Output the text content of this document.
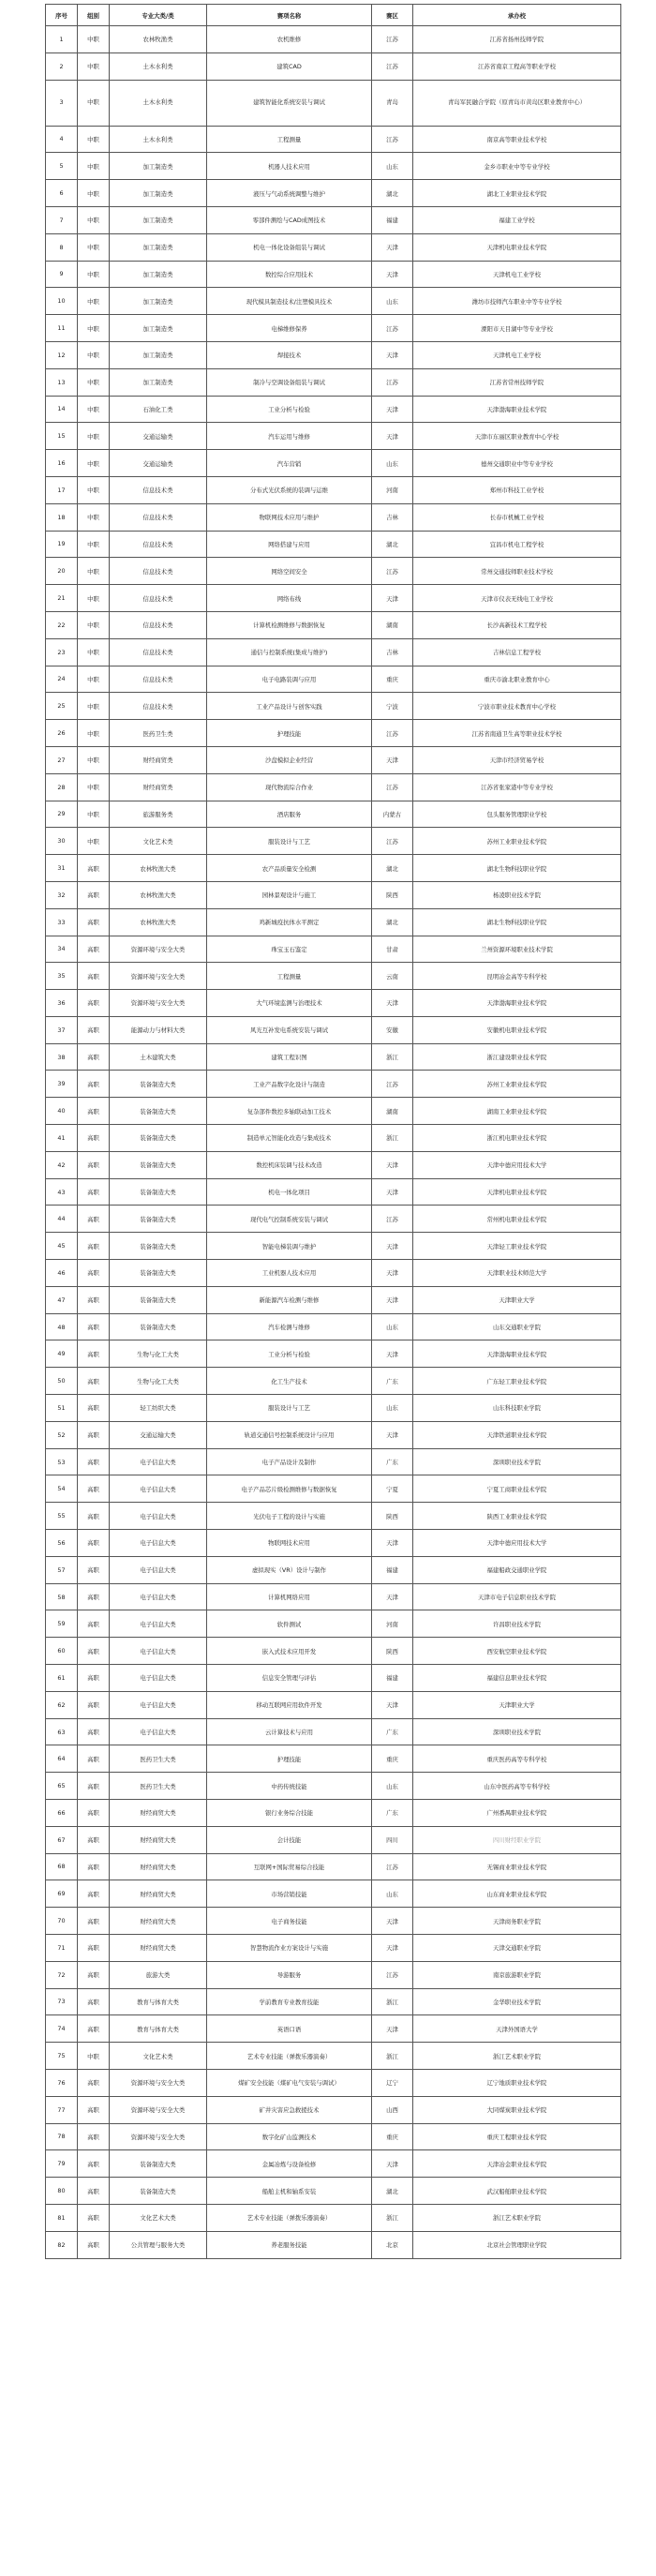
序号	组别	专业大类/类	赛项名称	赛区	承办校
1	中职	农林牧渔类	农机维修	江苏	江苏省扬州技师学院
2	中职	土木水利类	建筑CAD	江苏	江苏省南京工程高等职业学校
3	中职	土木水利类	建筑智能化系统安装与调试	青岛	青岛军民融合学院（原青岛市黄岛区职业教育中心）
4	中职	土木水利类	工程测量	江苏	南京高等职业技术学校
5	中职	加工制造类	机器人技术应用	山东	金乡市职业中等专业学校
6	中职	加工制造类	液压与气动系统调整与维护	湖北	湖北工业职业技术学院
7	中职	加工制造类	零部件测绘与CAD成图技术	福建	福建工业学校
8	中职	加工制造类	机电一体化设备组装与调试	天津	天津机电职业技术学院
9	中职	加工制造类	数控综合应用技术	天津	天津机电工业学校
10	中职	加工制造类	现代模具制造技术/注塑模具技术	山东	潍坊市技师汽车职业中等专业学校
11	中职	加工制造类	电梯维修保养	江苏	溧阳市天目湖中等专业学校
12	中职	加工制造类	焊接技术	天津	天津机电工业学校
13	中职	加工制造类	制冷与空调设备组装与调试	江苏	江苏省常州技师学院
14	中职	石油化工类	工业分析与检验	天津	天津渤海职业技术学院
15	中职	交通运输类	汽车运用与维修	天津	天津市东丽区职业教育中心学校
16	中职	交通运输类	汽车营销	山东	德州交通职业中等专业学校
17	中职	信息技术类	分布式光伏系统的装调与运维	河南	郑州市科技工业学校
18	中职	信息技术类	物联网技术应用与维护	吉林	长春市机械工业学校
19	中职	信息技术类	网络搭建与应用	湖北	宜昌市机电工程学校
20	中职	信息技术类	网络空间安全	江苏	常州交通技师职业技术学校
21	中职	信息技术类	网络布线	天津	天津市仪表无线电工业学校
22	中职	信息技术类	计算机检测维修与数据恢复	湖南	长沙高新技术工程学校
23	中职	信息技术类	通信与控制系统(集成与维护)	吉林	吉林信息工程学校
24	中职	信息技术类	电子电路装调与应用	重庆	重庆市渝北职业教育中心
25	中职	信息技术类	工业产品设计与创客实践	宁波	宁波市职业技术教育中心学校
26	中职	医药卫生类	护理技能	江苏	江苏省南通卫生高等职业技术学校
27	中职	财经商贸类	沙盘模拟企业经营	天津	天津市经济贸易学校
28	中职	财经商贸类	现代物流综合作业	江苏	江苏省张家港中等专业学校
29	中职	旅游服务类	酒店服务	内蒙古	包头服务管理职业学校
30	中职	文化艺术类	服装设计与工艺	江苏	苏州工业职业技术学院
31	高职	农林牧渔大类	农产品质量安全检测	湖北	湖北生物科技职业学院
32	高职	农林牧渔大类	园林景观设计与施工	陕西	杨凌职业技术学院
33	高职	农林牧渔大类	鸡新城疫抗体水平测定	湖北	湖北生物科技职业学院
34	高职	资源环境与安全大类	珠宝玉石鉴定	甘肃	兰州资源环境职业技术学院
35	高职	资源环境与安全大类	工程测量	云南	昆明冶金高等专科学校
36	高职	资源环境与安全大类	大气环境监测与治理技术	天津	天津渤海职业技术学院
37	高职	能源动力与材料大类	风光互补发电系统安装与调试	安徽	安徽机电职业技术学院
38	高职	土木建筑大类	建筑工程识图	浙江	浙江建设职业技术学院
39	高职	装备制造大类	工业产品数字化设计与制造	江苏	苏州工业职业技术学院
40	高职	装备制造大类	复杂部件数控多轴联动加工技术	湖南	湖南工业职业技术学院
41	高职	装备制造大类	制造单元智能化改造与集成技术	浙江	浙江机电职业技术学院
42	高职	装备制造大类	数控机床装调与技术改造	天津	天津中德应用技术大学
43	高职	装备制造大类	机电一体化项目	天津	天津机电职业技术学院
44	高职	装备制造大类	现代电气控制系统安装与调试	江苏	常州机电职业技术学院
45	高职	装备制造大类	智能电梯装调与维护	天津	天津轻工职业技术学院
46	高职	装备制造大类	工业机器人技术应用	天津	天津职业技术师范大学
47	高职	装备制造大类	新能源汽车检测与维修	天津	天津职业大学
48	高职	装备制造大类	汽车检测与维修	山东	山东交通职业学院
49	高职	生物与化工大类	工业分析与检验	天津	天津渤海职业技术学院
50	高职	生物与化工大类	化工生产技术	广东	广东轻工职业技术学院
51	高职	轻工纺织大类	服装设计与工艺	山东	山东科技职业学院
52	高职	交通运输大类	轨道交通信号控制系统设计与应用	天津	天津铁道职业技术学院
53	高职	电子信息大类	电子产品设计及制作	广东	深圳职业技术学院
54	高职	电子信息大类	电子产品芯片级检测维修与数据恢复	宁夏	宁夏工商职业技术学院
55	高职	电子信息大类	光伏电子工程的设计与实施	陕西	陕西工业职业技术学院
56	高职	电子信息大类	物联网技术应用	天津	天津中德应用技术大学
57	高职	电子信息大类	虚拟现实（VR）设计与制作	福建	福建船政交通职业学院
58	高职	电子信息大类	计算机网络应用	天津	天津市电子信息职业技术学院
59	高职	电子信息大类	软件测试	河南	许昌职业技术学院
60	高职	电子信息大类	嵌入式技术应用开发	陕西	西安航空职业技术学院
61	高职	电子信息大类	信息安全管理与评估	福建	福建信息职业技术学院
62	高职	电子信息大类	移动互联网应用软件开发	天津	天津职业大学
63	高职	电子信息大类	云计算技术与应用	广东	深圳职业技术学院
64	高职	医药卫生大类	护理技能	重庆	重庆医药高等专科学校
65	高职	医药卫生大类	中药传统技能	山东	山东中医药高等专科学校
66	高职	财经商贸大类	银行业务综合技能	广东	广州番禺职业技术学院
67	高职	财经商贸大类	会计技能	四川	四川财经职业学院
68	高职	财经商贸大类	互联网+国际贸易综合技能	江苏	无锡商业职业技术学院
69	高职	财经商贸大类	市场营销技能	山东	山东商业职业技术学院
70	高职	财经商贸大类	电子商务技能	天津	天津商务职业学院
71	高职	财经商贸大类	智慧物流作业方案设计与实施	天津	天津交通职业学院
72	高职	旅游大类	导游服务	江苏	南京旅游职业学院
73	高职	教育与体育大类	学前教育专业教育技能	浙江	金华职业技术学院
74	高职	教育与体育大类	英语口语	天津	天津外国语大学
75	中职	文化艺术类	艺术专业技能（弹拨乐器演奏）	浙江	浙江艺术职业学院
76	高职	资源环境与安全大类	煤矿安全技能（煤矿电气安装与调试）	辽宁	辽宁地质职业技术学院
77	高职	资源环境与安全大类	矿井灾害应急救援技术	山西	大同煤炭职业技术学院
78	高职	资源环境与安全大类	数字化矿山监测技术	重庆	重庆工程职业技术学院
79	高职	装备制造大类	金属冶炼与设备检修	天津	天津冶金职业技术学院
80	高职	装备制造大类	船舶主机和轴系安装	湖北	武汉船舶职业技术学院
81	高职	文化艺术大类	艺术专业技能（弹拨乐器演奏）	浙江	浙江艺术职业学院
82	高职	公共管理与服务大类	养老服务技能	北京	北京社会管理职业学院
